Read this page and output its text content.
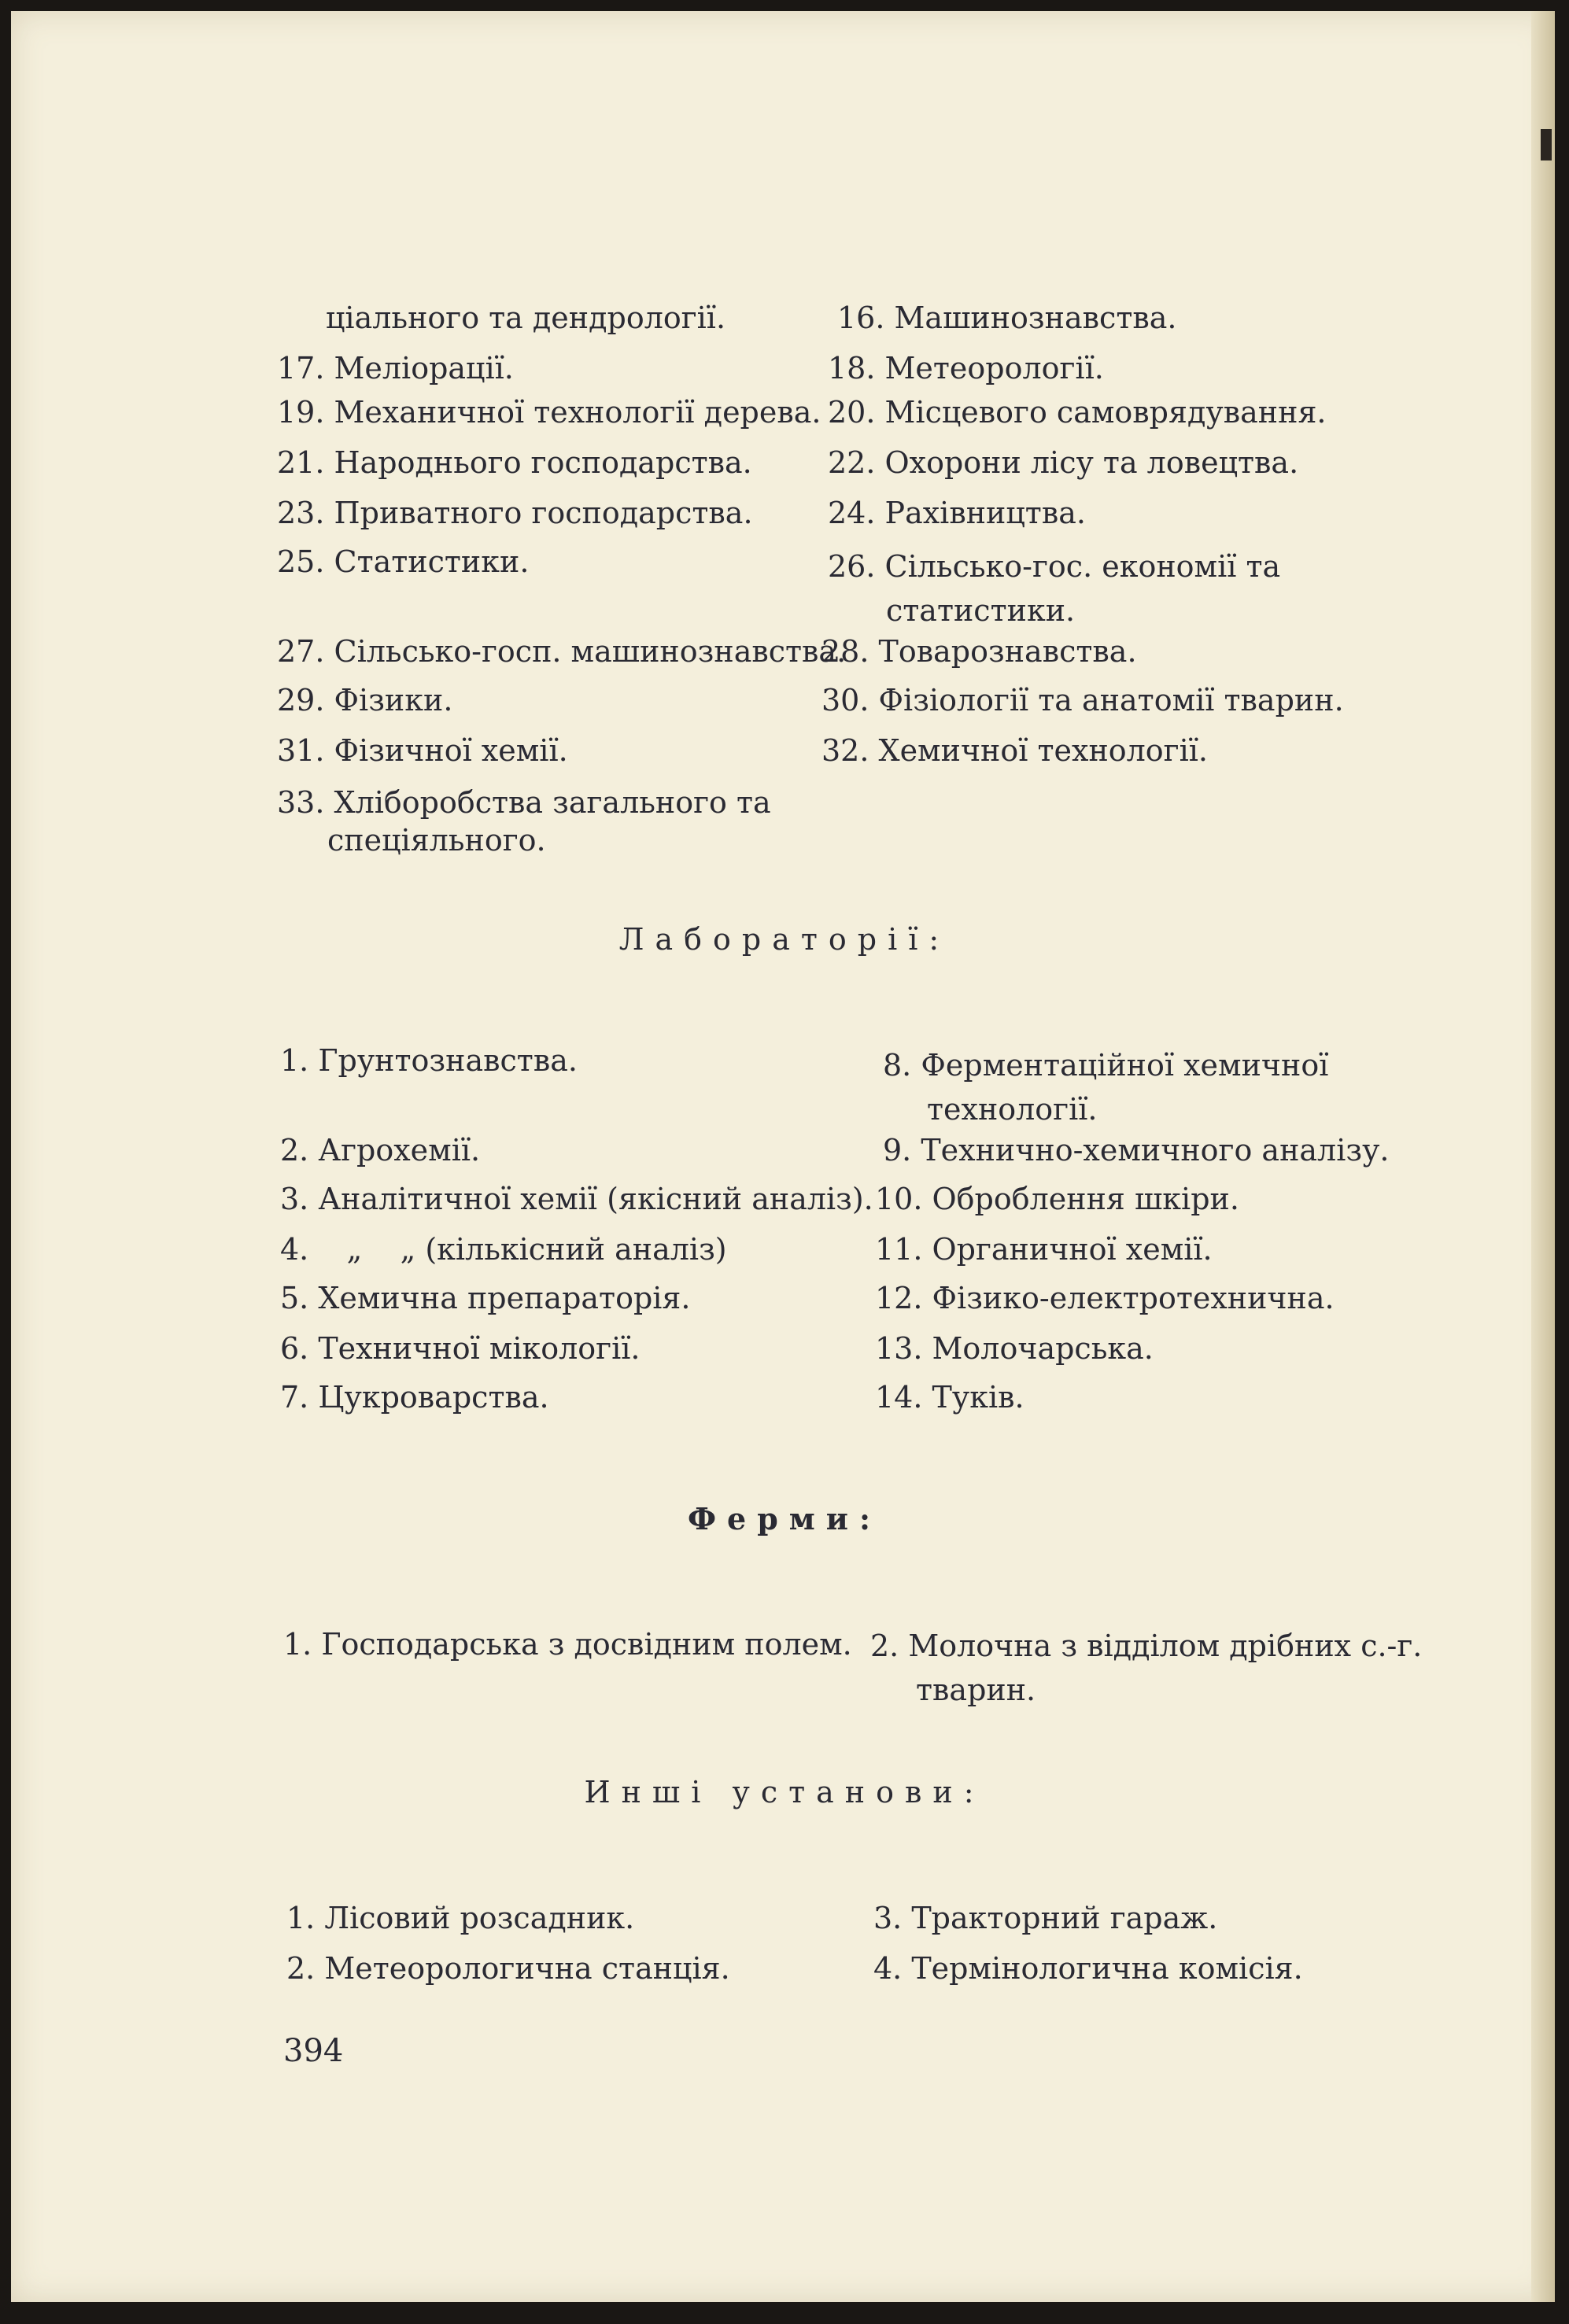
ціального та дендрології.
17. Меліорації.
19. Механичної технології дерева.
21. Народнього господарства.
23. Приватного господарства.
25. Статистики.
27. Сільсько-госп. машинознавства.
29. Фізики.
31. Фізичної хемії.
33. Хліборобства загального та спеціяльного.
16. Машинознавства.
18. Метеорології.
20. Місцевого самоврядування.
22. Охорони лісу та ловецтва.
24. Рахівництва.
26. Сільсько-гос. економії та статистики.
28. Товарознавства.
30. Фізіології та анатомії тварин.
32. Хемичної технології.
Лабораторії:
1. Грунтознавства.
2. Агрохемії.
3. Аналітичної хемії (якісний аналіз).
4.    „    „ (кількісний аналіз)
5. Хемична препараторія.
6. Техничної мікології.
7. Цукроварства.
8. Ферментаційної хемичної технології.
9. Технично-хемичного аналізу.
10. Оброблення шкіри.
11. Органичної хемії.
12. Фізико-електротехнична.
13. Молочарська.
14. Туків.
Ферми:
1. Господарська з досвідним полем. 2. Молочна з відділом дрібних с.-г. тварин.
Инші установи:
1. Лісовий розсадник.
2. Метеорологична станція.
3. Тракторний гараж.
4. Термінологична комісія.
394
